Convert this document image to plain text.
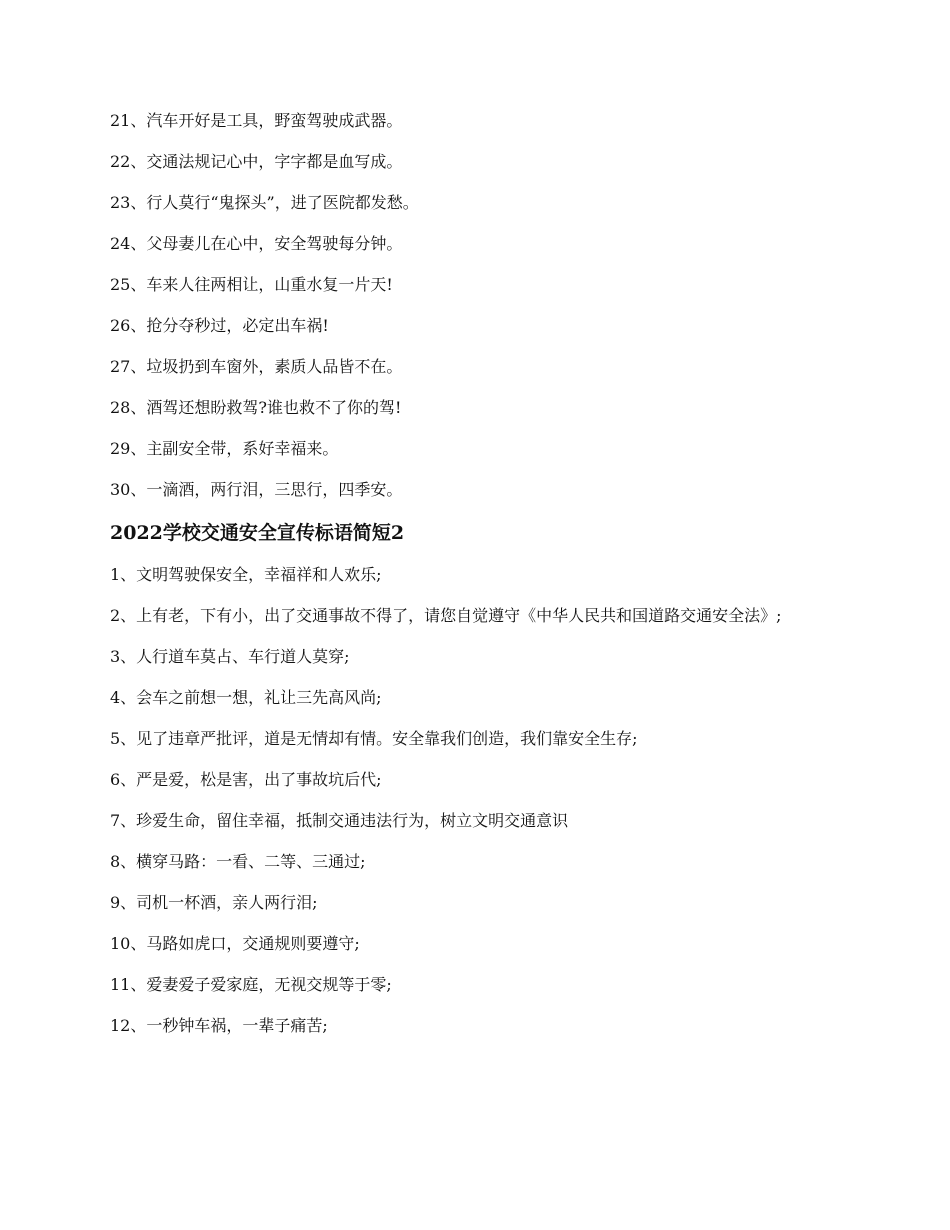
21、汽车开好是工具，野蛮驾驶成武器。

22、交通法规记心中，字字都是血写成。

23、行人莫行“鬼探头”，进了医院都发愁。

24、父母妻儿在心中，安全驾驶每分钟。

25、车来人往两相让，山重水复一片天!

26、抢分夺秒过，必定出车祸!

27、垃圾扔到车窗外，素质人品皆不在。

28、酒驾还想盼救驾?谁也救不了你的驾!

29、主副安全带，系好幸福来。

30、一滴酒，两行泪，三思行，四季安。

2022学校交通安全宣传标语简短2

1、文明驾驶保安全，幸福祥和人欢乐;

2、上有老，下有小，出了交通事故不得了，请您自觉遵守《中华人民共和国道路交通安全法》;

3、人行道车莫占、车行道人莫穿;

4、会车之前想一想，礼让三先高风尚;

5、见了违章严批评，道是无情却有情。安全靠我们创造，我们靠安全生存;

6、严是爱，松是害，出了事故坑后代;

7、珍爱生命，留住幸福，抵制交通违法行为，树立文明交通意识

8、横穿马路：一看、二等、三通过;

9、司机一杯酒，亲人两行泪;

10、马路如虎口，交通规则要遵守;

11、爱妻爱子爱家庭，无视交规等于零;

12、一秒钟车祸，一辈子痛苦;
